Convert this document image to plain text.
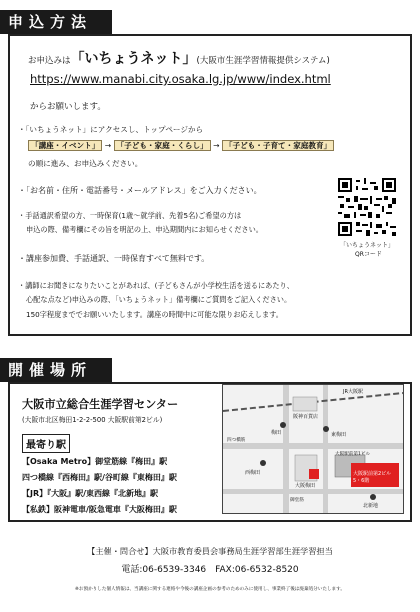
申込方法
お申込みは「いちょうネット」(大阪市生涯学習情報提供システム)
https://www.manabi.city.osaka.lg.jp/www/index.html
からお願いします。
・「いちょうネット」にアクセスし、トップページから
「講座・イベント」 → 「子ども・家庭・くらし」 → 「子ども・子育て・家庭教育」
の順に進み、お申込みください。
・「お名前・住所・電話番号・メールアドレス」をご入力ください。
・手話通訳希望の方、一時保育(1歳～就学前、先着5名)ご希望の方は
申込の際、備考欄にその旨を明記の上、申込期間内にお知らせください。
・講座参加費、手話通訳、一時保育すべて無料です。
・講師にお聞きになりたいことがあれば、(子どもさんが小学校生活を送るにあたり、
心配な点など)申込みの際、「いちょうネット」備考欄にご質問をご記入ください。
150字程度まででお願いいたします。講座の時間中に可能な限りお応えします。
「いちょうネット」
QRコード
開催場所
大阪市立総合生涯学習センター
(大阪市北区梅田1-2-2-500 大阪駅前第2ビル)
最寄り駅
【Osaka Metro】御堂筋線『梅田』駅
四つ橋線『西梅田』駅/谷町線『東梅田』駅
【JR】『大阪』駅/東西線『北新地』駅
【私鉄】阪神電車/阪急電車『大阪梅田』駅
JR大阪駅
阪神百貨店
梅田	東梅田
西梅田
大阪駅前第1ビル
大阪駅前第2ビル 5・6階
大阪梅田
北新地
四つ橋筋
御堂筋
【主催・問合せ】大阪市教育委員会事務局生涯学習部生涯学習担当
電話:06-6539-3346　FAX:06-6532-8520
※お預かりした個人情報は、当講座に関する連絡や今後の講座企画の参考のためのみに使用し、事業終了後は廃棄処分いたします。
